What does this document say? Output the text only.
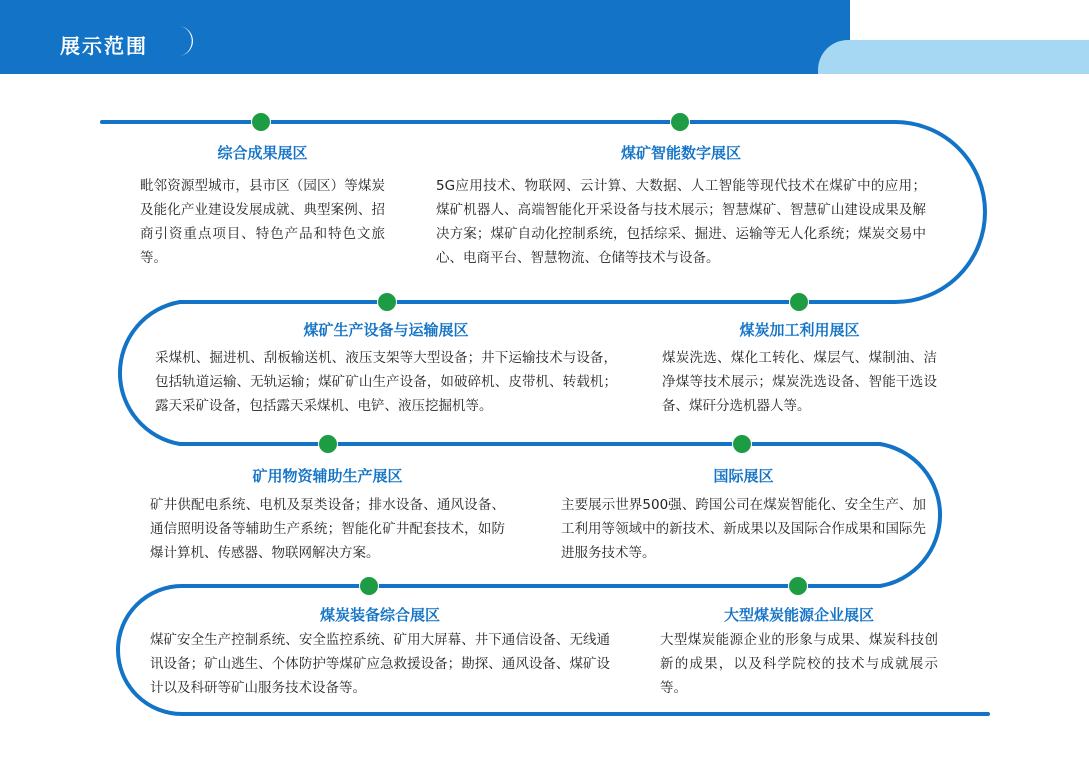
展示范围
综合成果展区

毗邻资源型城市，县市区（园区）等煤炭及能化产业建设发展成就、典型案例、招商引资重点项目、特色产品和特色文旅等。

煤矿智能数字展区

5G应用技术、物联网、云计算、大数据、人工智能等现代技术在煤矿中的应用；煤矿机器人、高端智能化开采设备与技术展示；智慧煤矿、智慧矿山建设成果及解决方案；煤矿自动化控制系统，包括综采、掘进、运输等无人化系统；煤炭交易中心、电商平台、智慧物流、仓储等技术与设备。

煤矿生产设备与运输展区

采煤机、掘进机、刮板输送机、液压支架等大型设备；井下运输技术与设备，包括轨道运输、无轨运输；煤矿矿山生产设备，如破碎机、皮带机、转载机；露天采矿设备，包括露天采煤机、电铲、液压挖掘机等。

煤炭加工利用展区

煤炭洗选、煤化工转化、煤层气、煤制油、洁净煤等技术展示；煤炭洗选设备、智能干选设备、煤矸分选机器人等。

矿用物资辅助生产展区

矿井供配电系统、电机及泵类设备；排水设备、通风设备、通信照明设备等辅助生产系统；智能化矿井配套技术，如防爆计算机、传感器、物联网解决方案。

国际展区

主要展示世界500强、跨国公司在煤炭智能化、安全生产、加工利用等领域中的新技术、新成果以及国际合作成果和国际先进服务技术等。

煤炭装备综合展区

煤矿安全生产控制系统、安全监控系统、矿用大屏幕、井下通信设备、无线通讯设备；矿山逃生、个体防护等煤矿应急救援设备；勘探、通风设备、煤矿设计以及科研等矿山服务技术设备等。

大型煤炭能源企业展区

大型煤炭能源企业的形象与成果、煤炭科技创新的成果，以及科学院校的技术与成就展示等。
